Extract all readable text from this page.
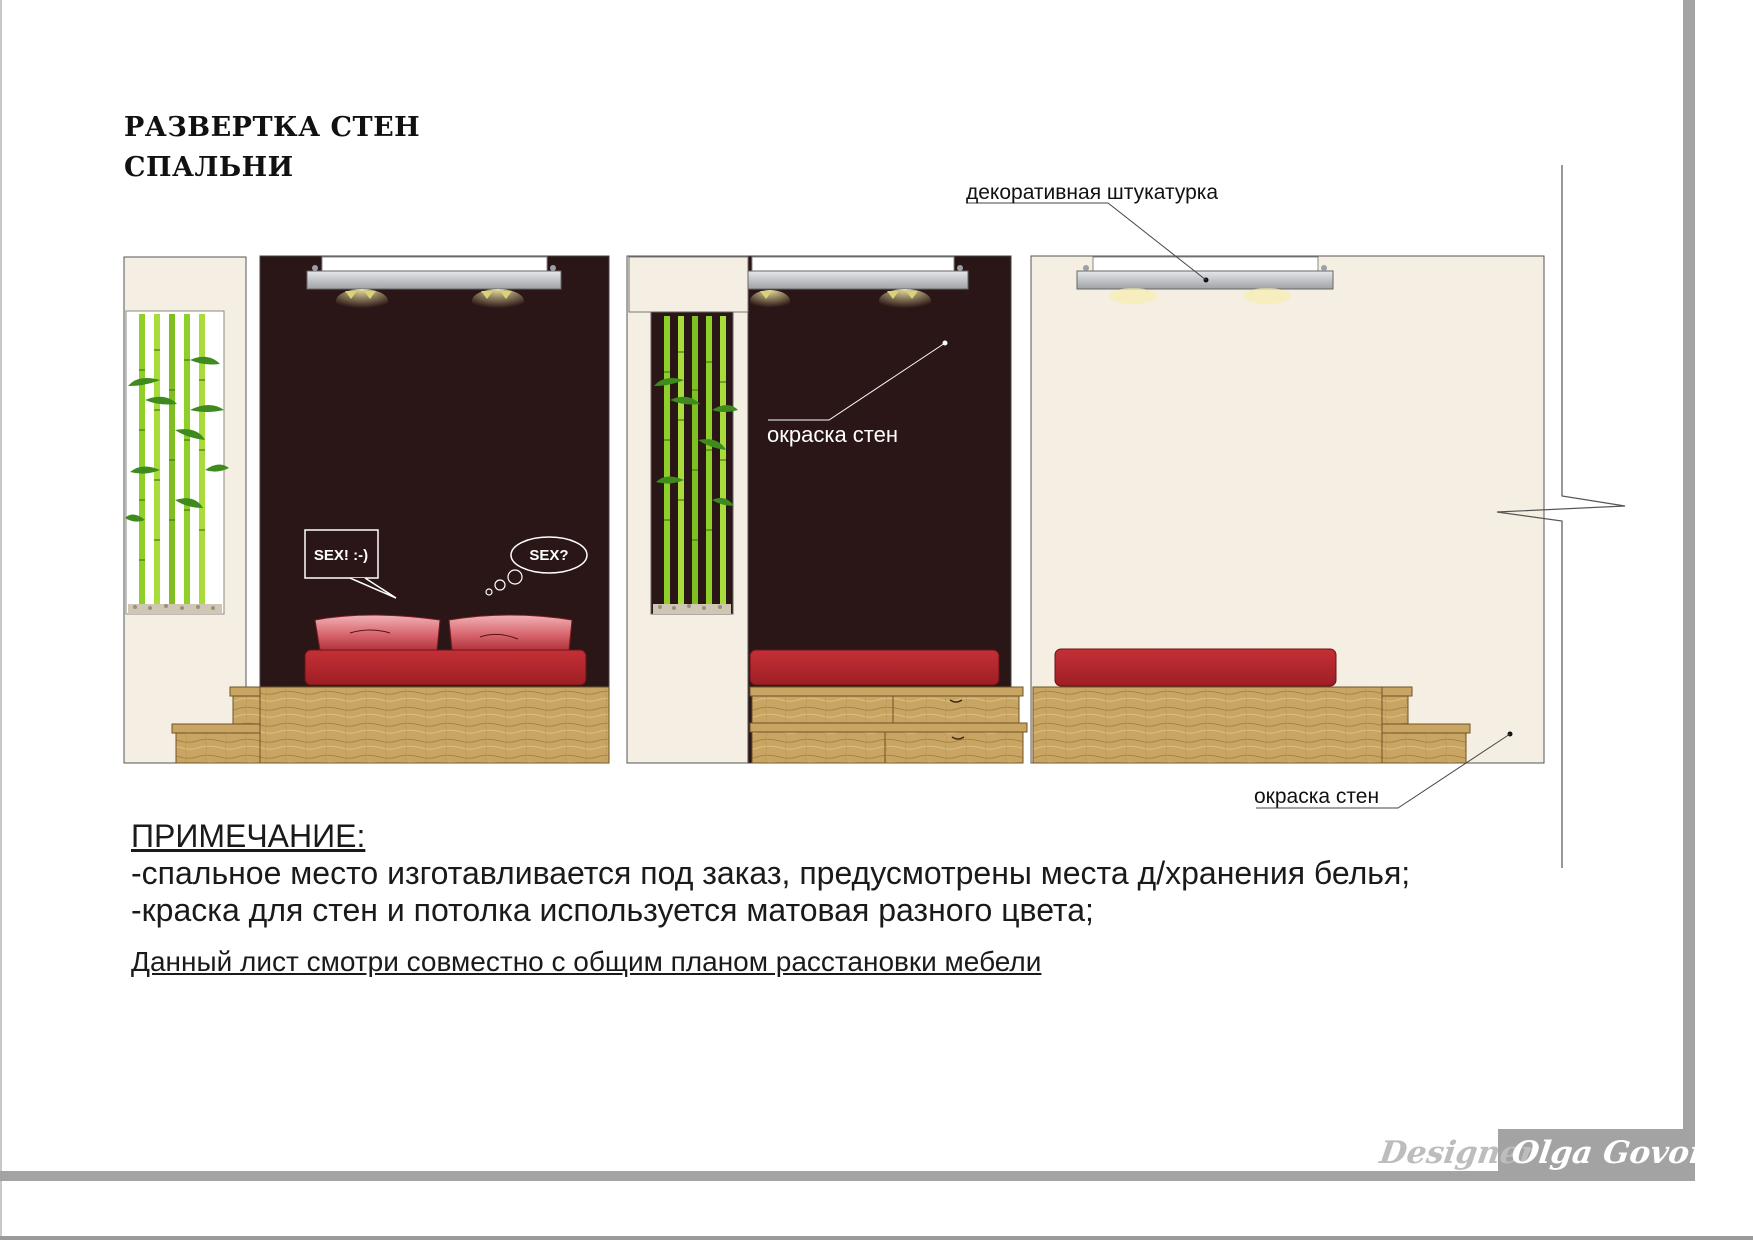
РАЗВЕРТКА СТЕН
СПАЛЬНИ
SEX! :-)	SEX?
декоративная штукатурка
окраска стен
окраска стен
ПРИМЕЧАНИЕ:
-спальное место изготавливается под заказ, предусмотрены места д/хранения белья;
-краска для стен и потолка используется матовая разного цвета;
Данный лист смотри совместно с общим планом расстановки мебели
Designer
Olga Govorko
